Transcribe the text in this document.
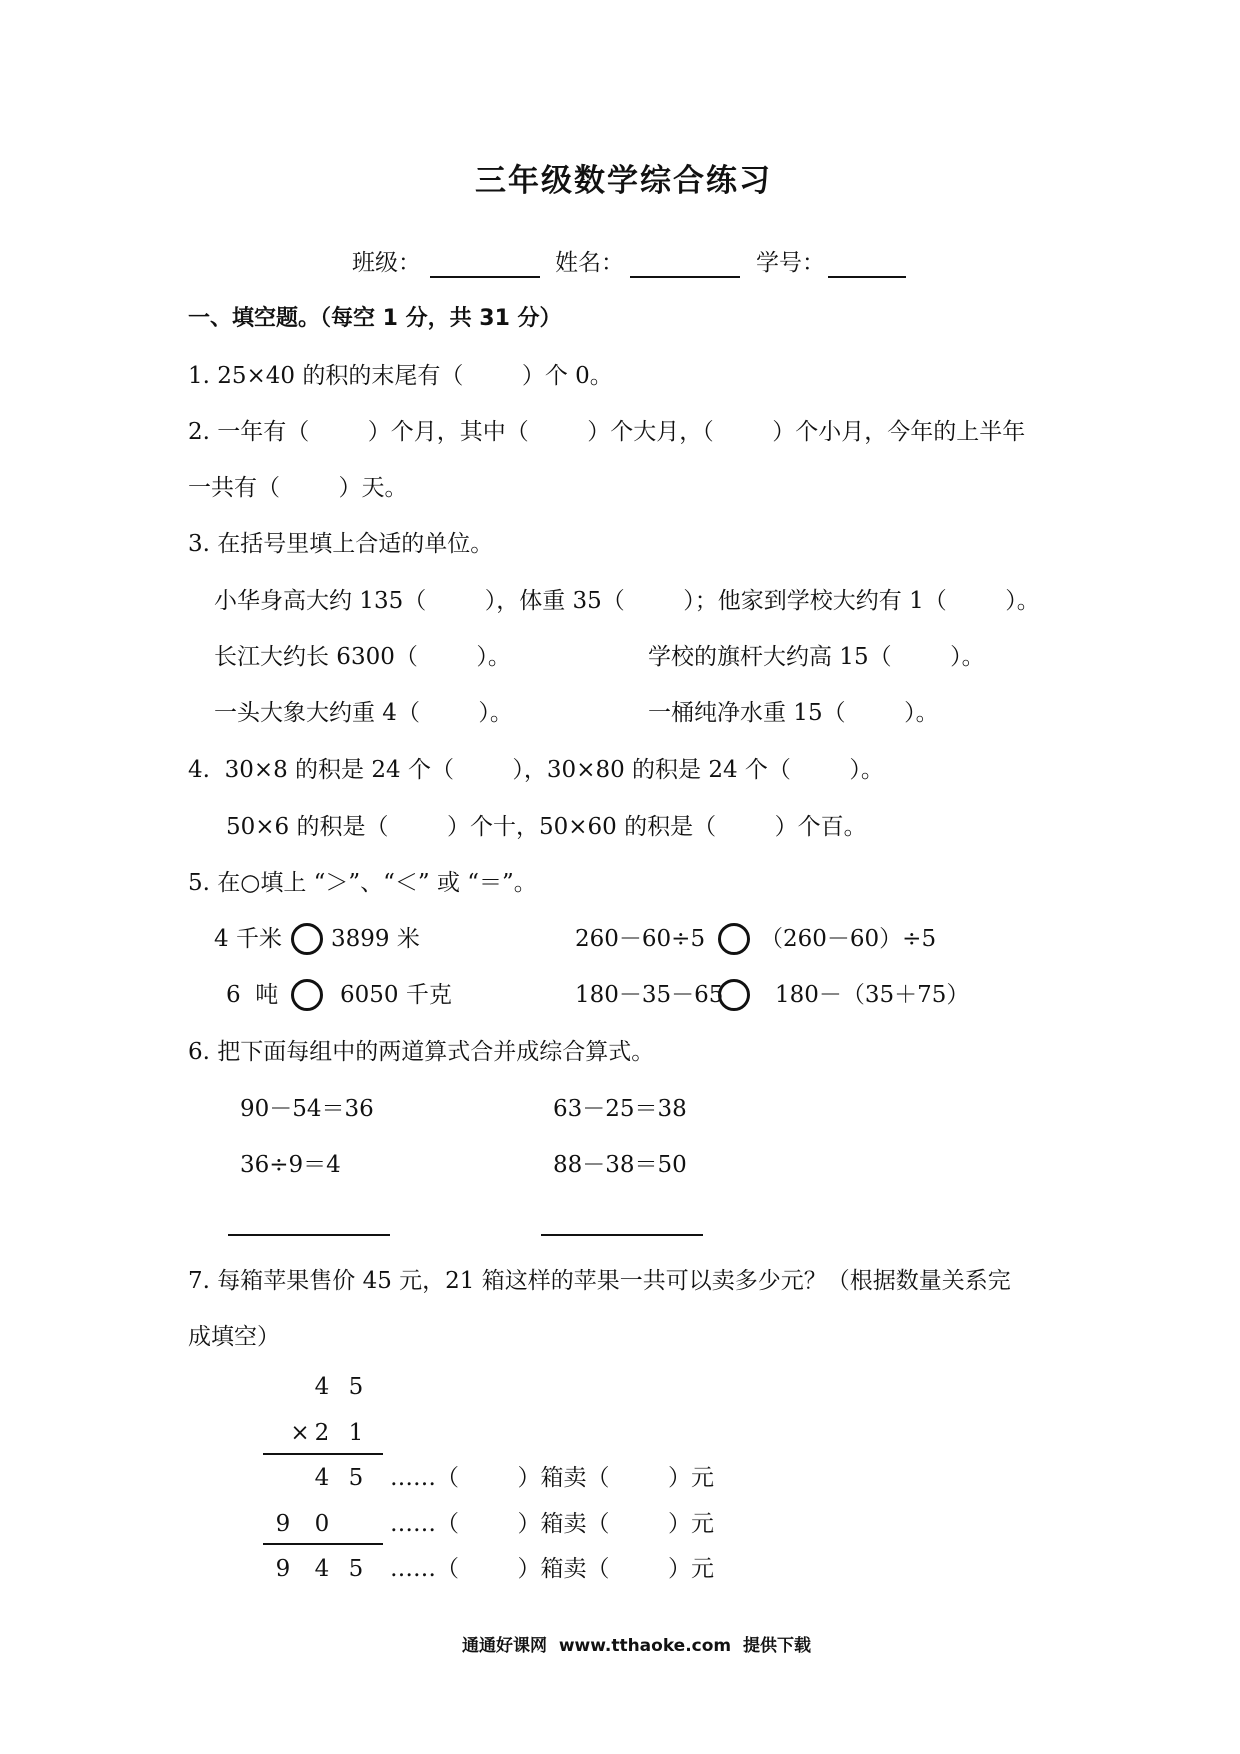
三年级数学综合练习
班级：	姓名：	学号：
一、填空题。（每空 1 分，共 31 分）
1. 25×40 的积的末尾有（        ）个 0。
2. 一年有（        ）个月，其中（        ）个大月，（        ）个小月，今年的上半年
一共有（        ）天。
3. 在括号里填上合适的单位。
小华身高大约 135（        ），体重 35（        ）；他家到学校大约有 1（        ）。
长江大约长 6300（        ）。	学校的旗杆大约高 15（        ）。
一头大象大约重 4（        ）。	一桶纯净水重 15（        ）。
4.  30×8 的积是 24 个（        ），30×80 的积是 24 个（        ）。
50×6 的积是（        ）个十，50×60 的积是（        ）个百。
5. 在○填上 “＞”、“＜” 或 “＝”。
4 千米 3899 米	260－60÷5 （260－60）÷5
6  吨	6050 千克	180－35－65 180－（35＋75）
6. 把下面每组中的两道算式合并成综合算式。
90－54＝36
36÷9＝4
63－25＝38
88－38＝50
7. 每箱苹果售价 45 元，21 箱这样的苹果一共可以卖多少元？（根据数量关系完
成填空）
4 5
× 2 1
4 5 ……（        ）箱卖（        ）元
9 0	……（        ）箱卖（        ）元
9 4 5 ……（        ）箱卖（        ）元
通通好课网  www.tthaoke.com  提供下载
